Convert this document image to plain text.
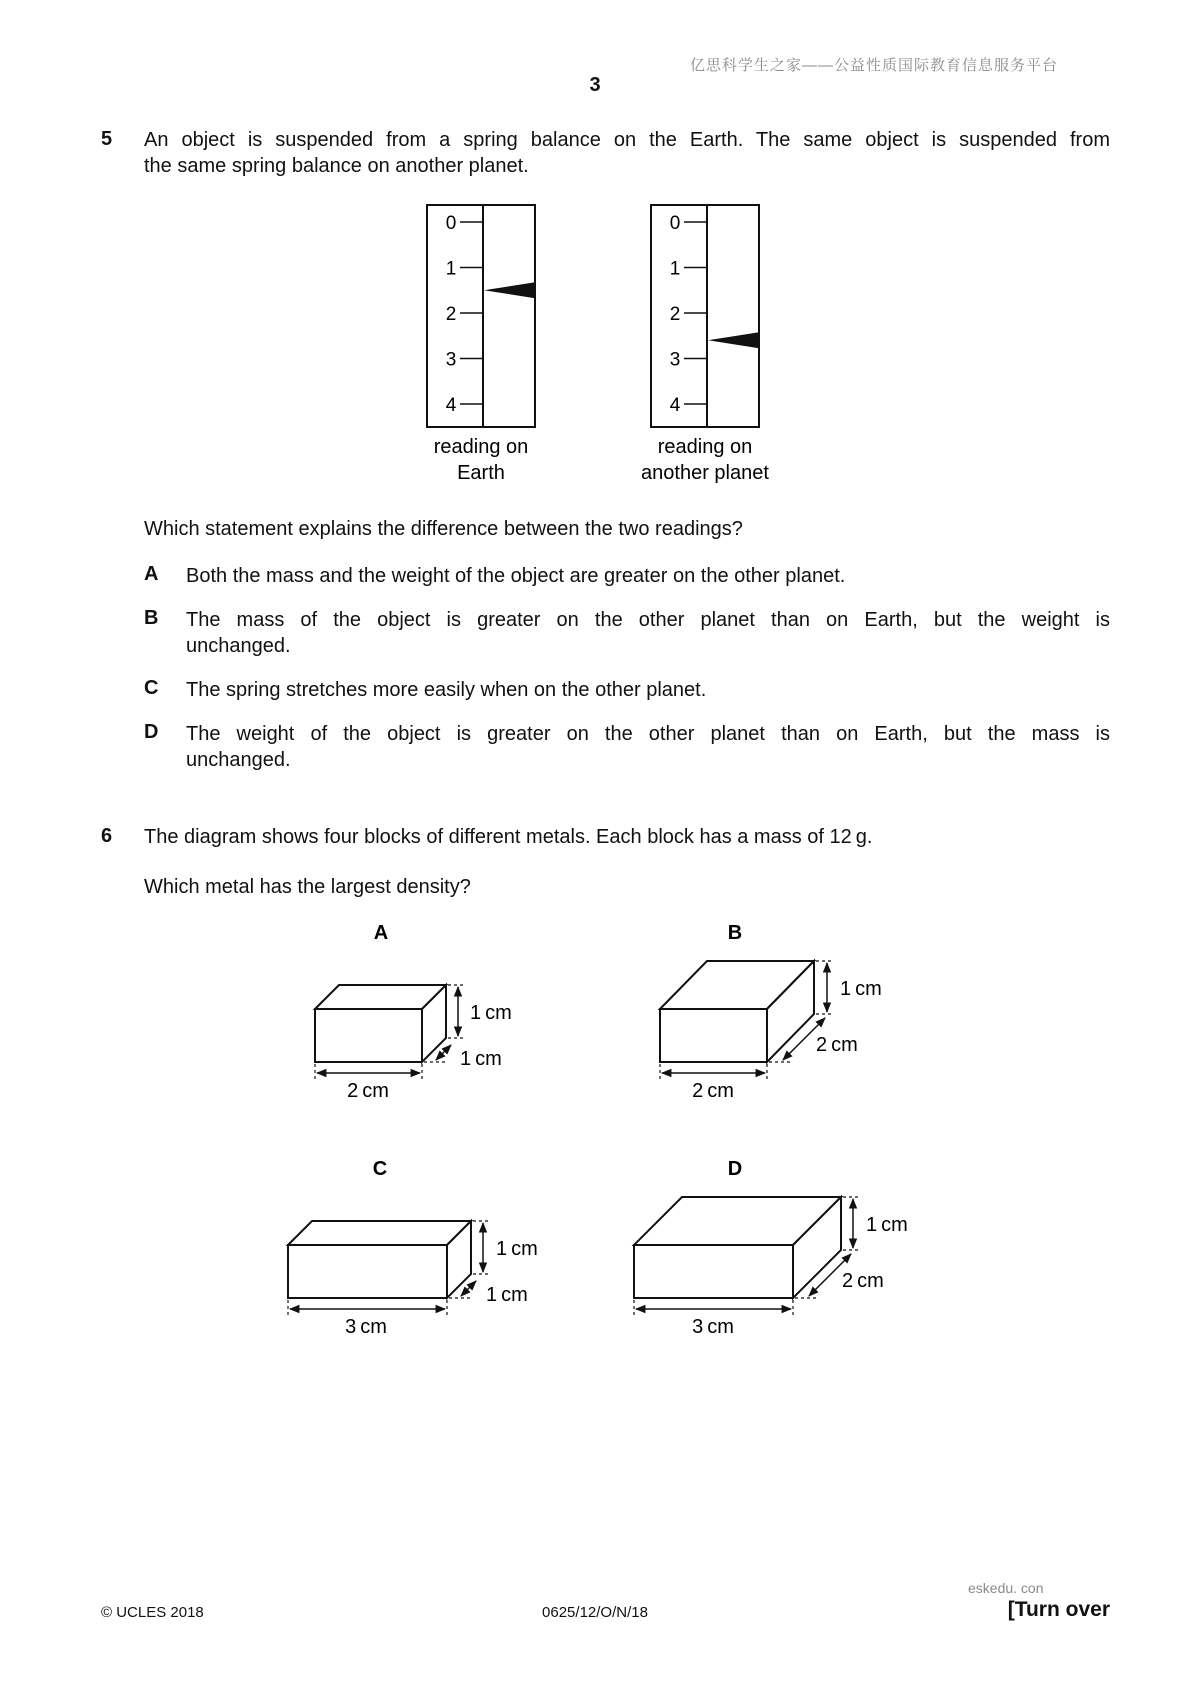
亿思科学生之家——公益性质国际教育信息服务平台
3
5 An object is suspended from a spring balance on the Earth. The same object is suspended from
the same spring balance on another planet.
0
1
2
3
4
0
1
2
3
4
reading on
Earth
reading on
another planet
Which statement explains the difference between the two readings?
A Both the mass and the weight of the object are greater on the other planet.
B The mass of the object is greater on the other planet than on Earth, but the weight is
unchanged.
C The spring stretches more easily when on the other planet.
D The weight of the object is greater on the other planet than on Earth, but the mass is
unchanged.
6 The diagram shows four blocks of different metals. Each block has a mass of 12 g.
Which metal has the largest density?
A
2 cm
1 cm
1 cm
B
2 cm
1 cm
2 cm
C
3 cm
1 cm
1 cm
D
3 cm
1 cm
2 cm
eskedu. con
© UCLES 2018	0625/12/O/N/18	[Turn over
